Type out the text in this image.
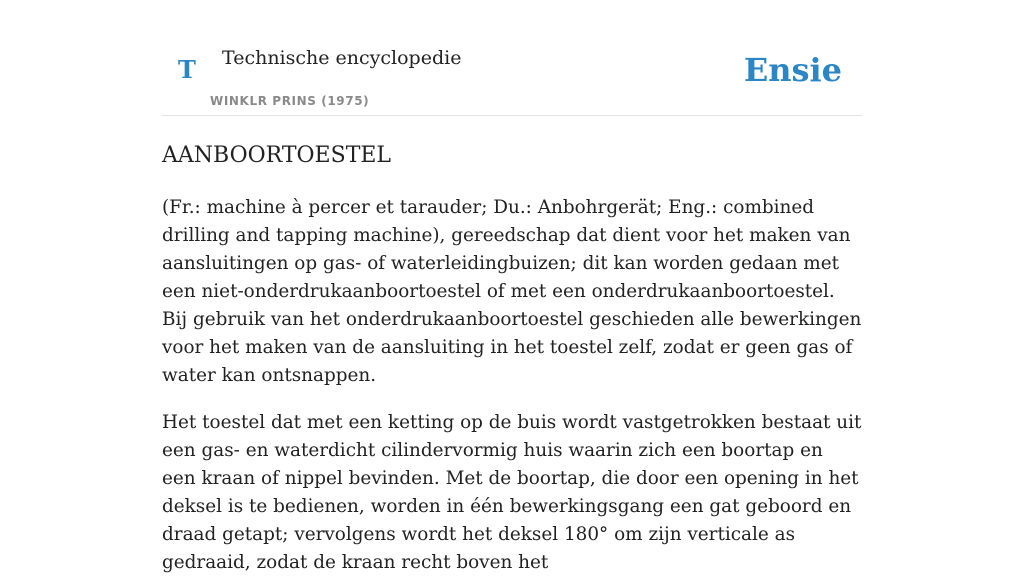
T Technische encyclopedie
WINKLR PRINS (1975)
Ensie
AANBOORTOESTEL

(Fr.: machine à percer et tarauder; Du.: Anbohrgerät; Eng.: combined drilling and tapping machine), gereedschap dat dient voor het maken van aansluitingen op gas- of waterleidingbuizen; dit kan worden gedaan met een niet-onderdrukaanboortoestel of met een onderdrukaanboortoestel. Bij gebruik van het onderdrukaanboortoestel geschieden alle bewerkingen voor het maken van de aansluiting in het toestel zelf, zodat er geen gas of water kan ontsnappen.

Het toestel dat met een ketting op de buis wordt vastgetrokken bestaat uit een gas- en waterdicht cilindervormig huis waarin zich een boortap en een kraan of nippel bevinden. Met de boortap, die door een opening in het deksel is te bedienen, worden in één bewerkingsgang een gat geboord en draad getapt; vervolgens wordt het deksel 180° om zijn verticale as gedraaid, zodat de kraan recht boven het
